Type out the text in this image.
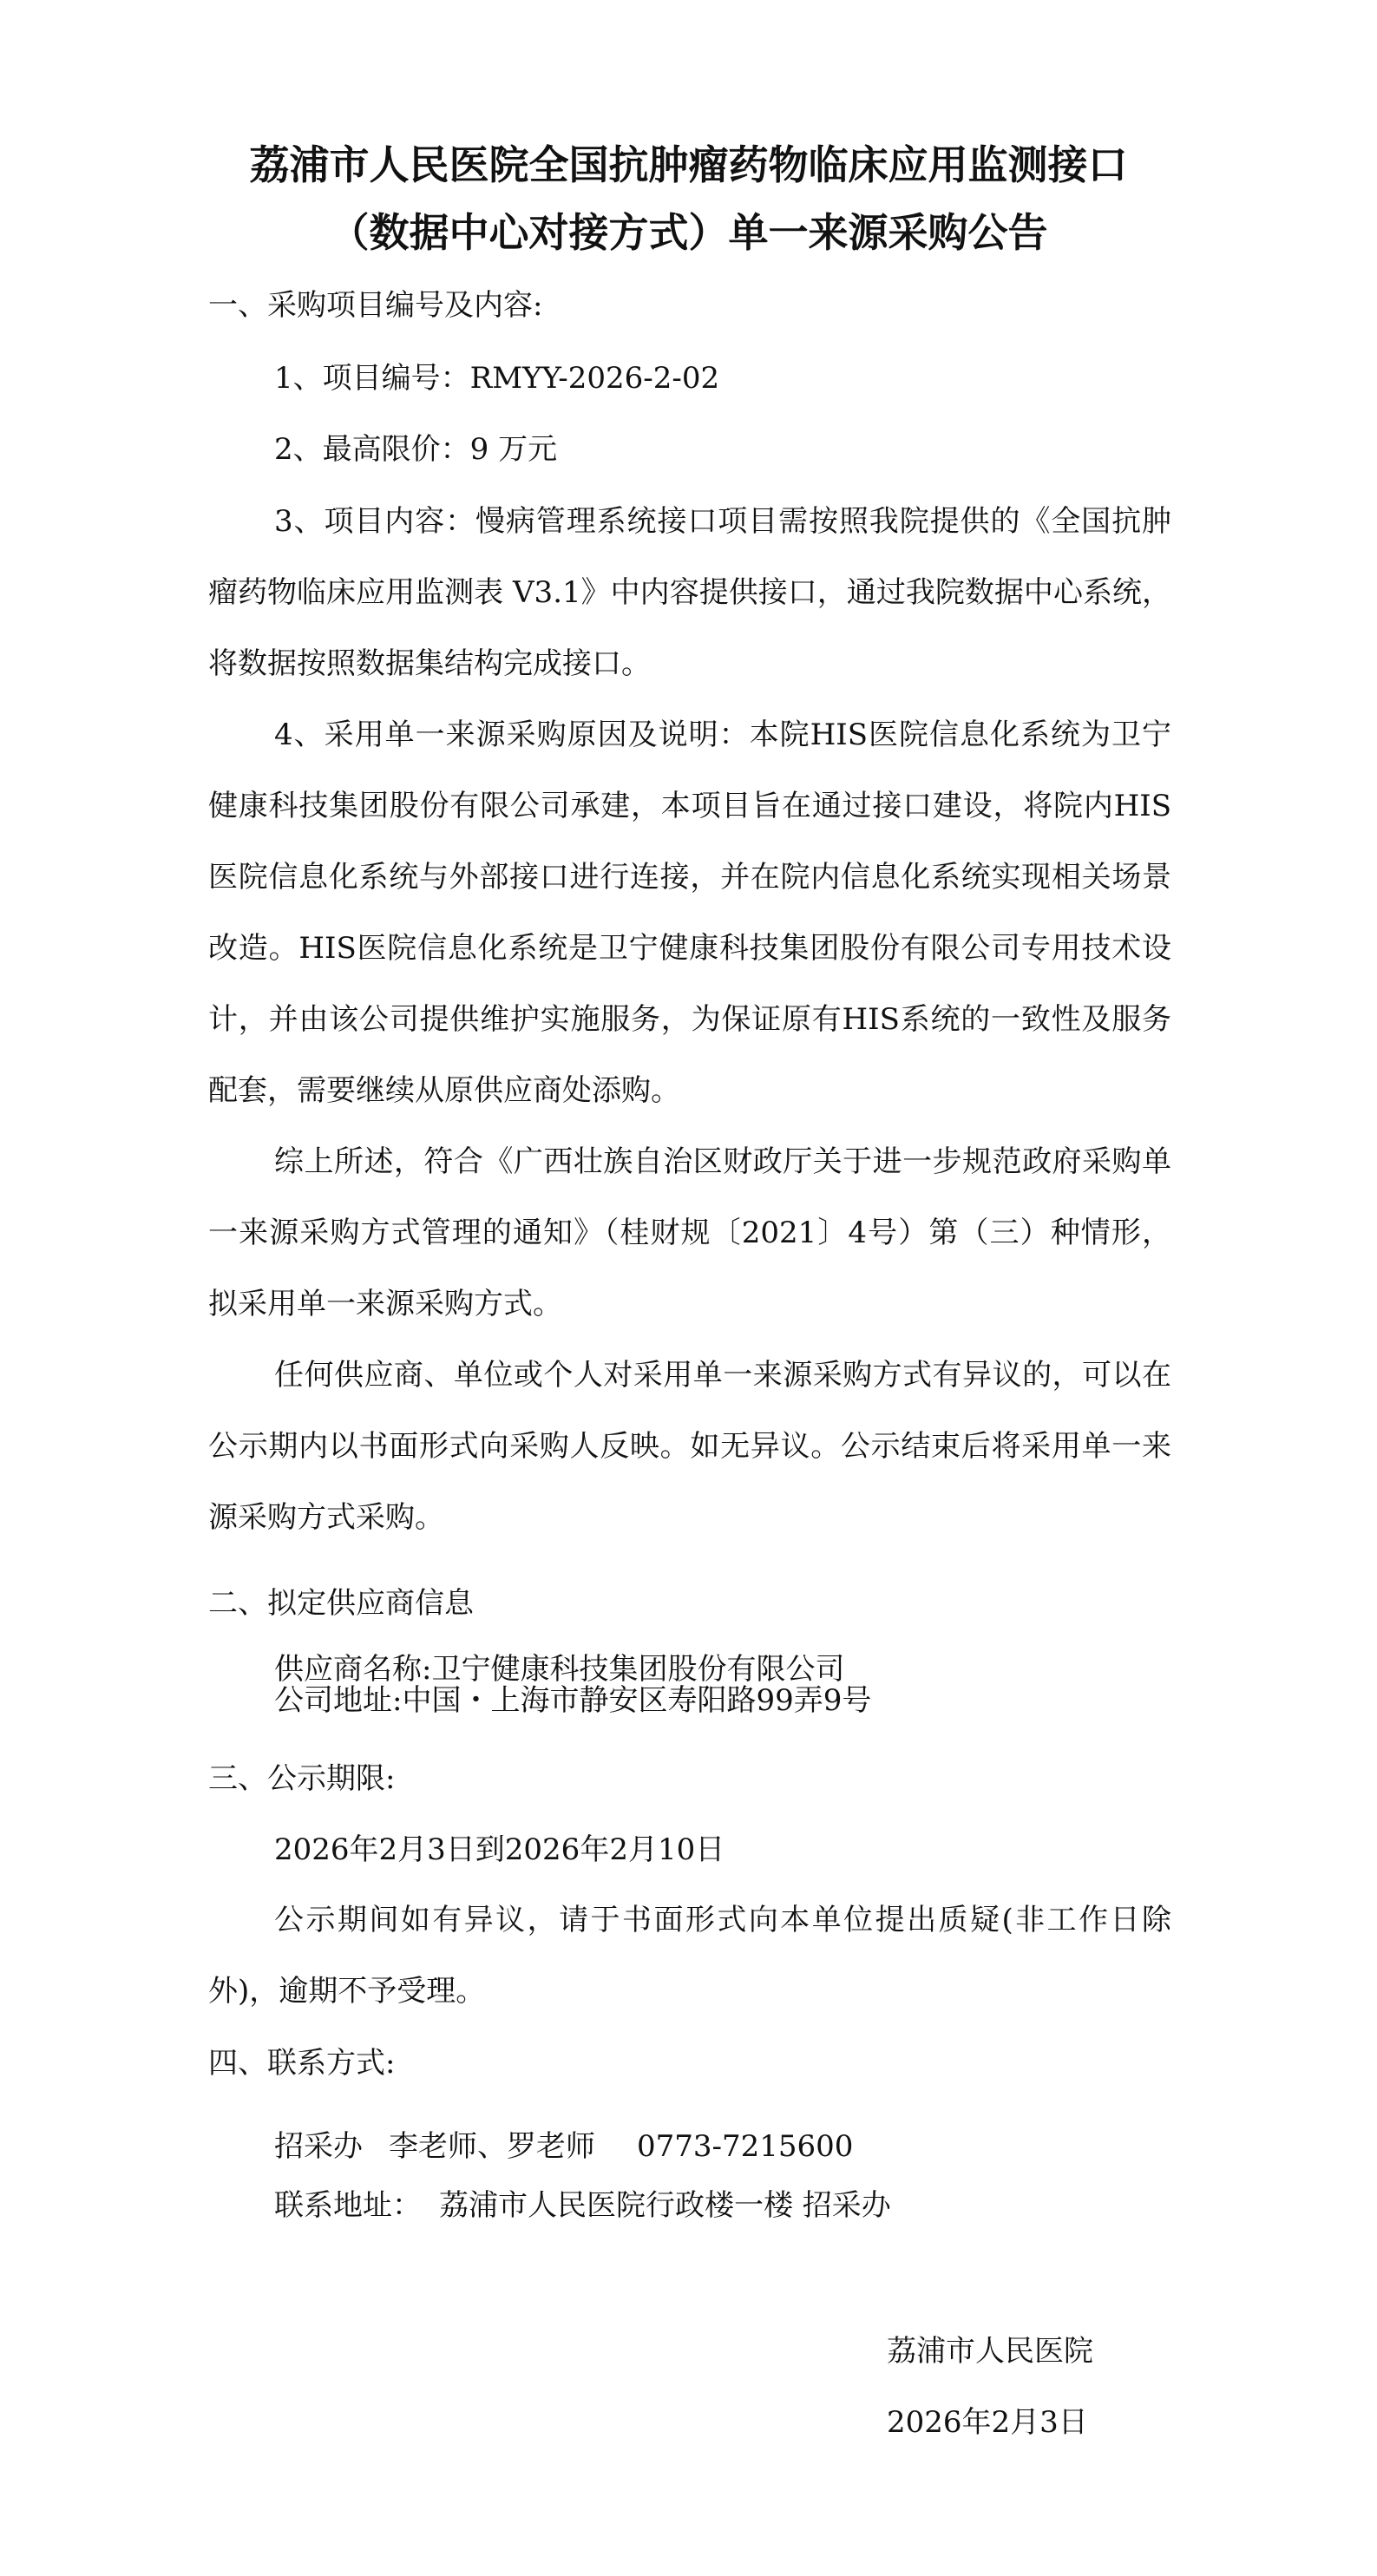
荔浦市人民医院全国抗肿瘤药物临床应用监测接口
（数据中心对接方式）单一来源采购公告
一、采购项目编号及内容:
1、项目编号：RMYY-2026-2-02
2、最高限价：9 万元
3、项目内容：慢病管理系统接口项目需按照我院提供的《全国抗肿瘤药物临床应用监测表 V3.1》中内容提供接口，通过我院数据中心系统，将数据按照数据集结构完成接口。
4、采用单一来源采购原因及说明：本院HIS医院信息化系统为卫宁健康科技集团股份有限公司承建，本项目旨在通过接口建设，将院内HIS医院信息化系统与外部接口进行连接，并在院内信息化系统实现相关场景改造。HIS医院信息化系统是卫宁健康科技集团股份有限公司专用技术设计，并由该公司提供维护实施服务，为保证原有HIS系统的一致性及服务配套，需要继续从原供应商处添购。
综上所述，符合《广西壮族自治区财政厅关于进一步规范政府采购单一来源采购方式管理的通知》（桂财规〔2021〕4号）第（三）种情形，拟采用单一来源采购方式。
任何供应商、单位或个人对采用单一来源采购方式有异议的，可以在公示期内以书面形式向采购人反映。如无异议。公示结束后将采用单一来源采购方式采购。
二、拟定供应商信息
供应商名称:卫宁健康科技集团股份有限公司
公司地址:中国・上海市静安区寿阳路99弄9号
三、公示期限:
2026年2月3日到2026年2月10日
公示期间如有异议，请于书面形式向本单位提出质疑(非工作日除外)，逾期不予受理。
四、联系方式:
招采办 李老师、罗老师 0773-7215600
联系地址： 荔浦市人民医院行政楼一楼 招采办
荔浦市人民医院
2026年2月3日
